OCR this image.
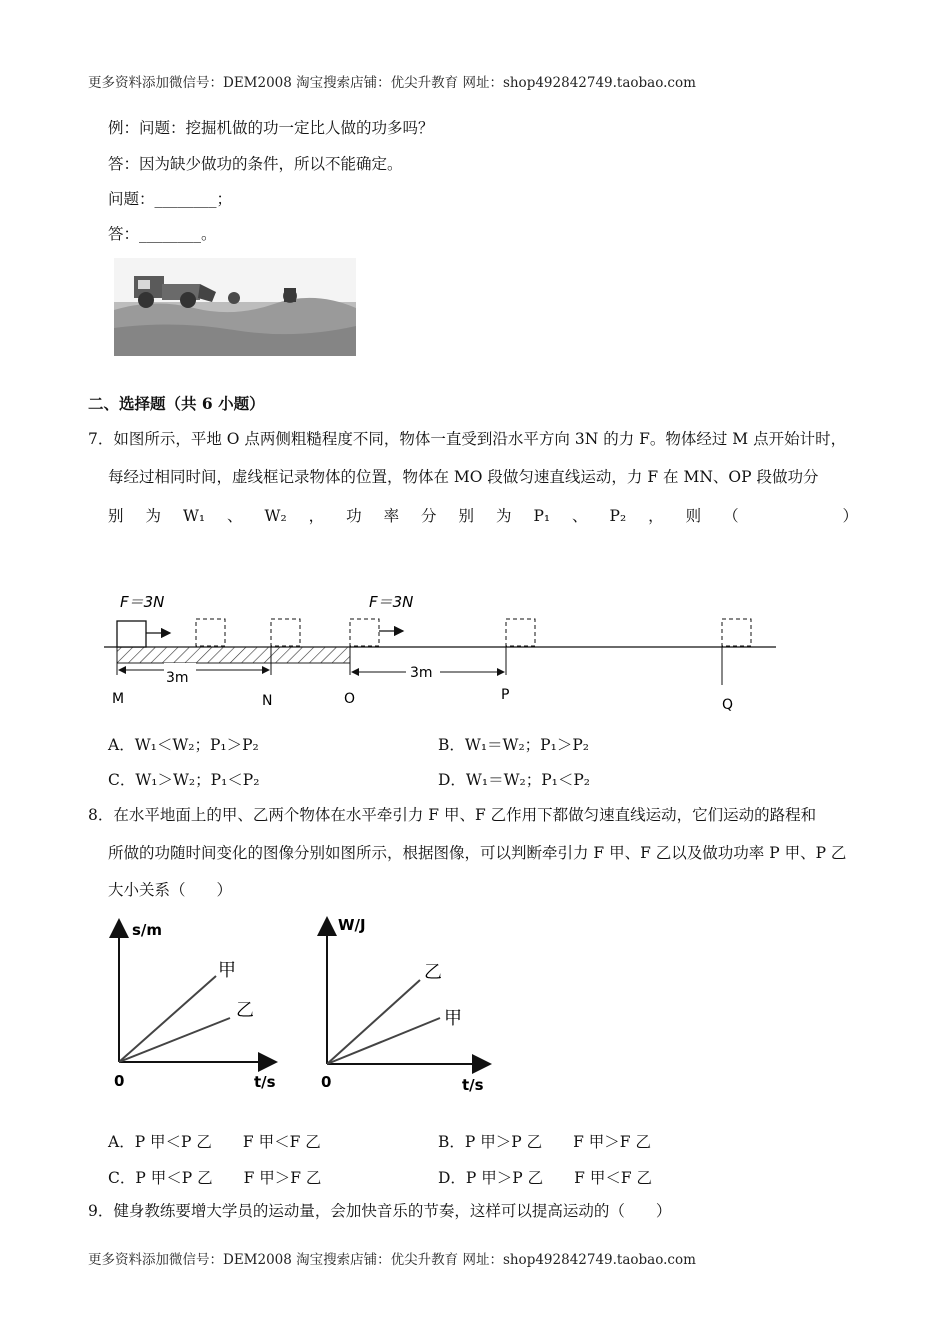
更多资料添加微信号：DEM2008 淘宝搜索店铺：优尖升教育 网址：shop492842749.taobao.com
例：问题：挖掘机做的功一定比人做的功多吗？
答：因为缺少做功的条件，所以不能确定。
问题：________；
答：________。
二、选择题（共 6 小题）
7．如图所示，平地 O 点两侧粗糙程度不同，物体一直受到沿水平方向 3N 的力 F。物体经过 M 点开始计时，
每经过相同时间，虚线框记录物体的位置，物体在 MO 段做匀速直线运动，力 F 在 MN、OP 段做功分
别 为 W₁ 、 W₂ ， 功 率 分 别 为 P₁ 、 P₂ ， 则 （	）
F＝3N	F＝3N
3m	3m
M	N	O	P
Q
A．W₁＜W₂；P₁＞P₂	B．W₁＝W₂；P₁＞P₂
C．W₁＞W₂；P₁＜P₂	D．W₁＝W₂；P₁＜P₂
8．在水平地面上的甲、乙两个物体在水平牵引力 F 甲、F 乙作用下都做匀速直线运动，它们运动的路程和
所做的功随时间变化的图像分别如图所示，根据图像，可以判断牵引力 F 甲、F 乙以及做功功率 P 甲、P 乙
大小关系（　　）
s/m
t/s
0
甲
乙
W/J
t/s
0
乙
甲
A．P 甲＜P 乙　　F 甲＜F 乙	B．P 甲＞P 乙　　F 甲＞F 乙
C．P 甲＜P 乙　　F 甲＞F 乙	D．P 甲＞P 乙　　F 甲＜F 乙
9．健身教练要增大学员的运动量，会加快音乐的节奏，这样可以提高运动的（　　）
更多资料添加微信号：DEM2008 淘宝搜索店铺：优尖升教育 网址：shop492842749.taobao.com
